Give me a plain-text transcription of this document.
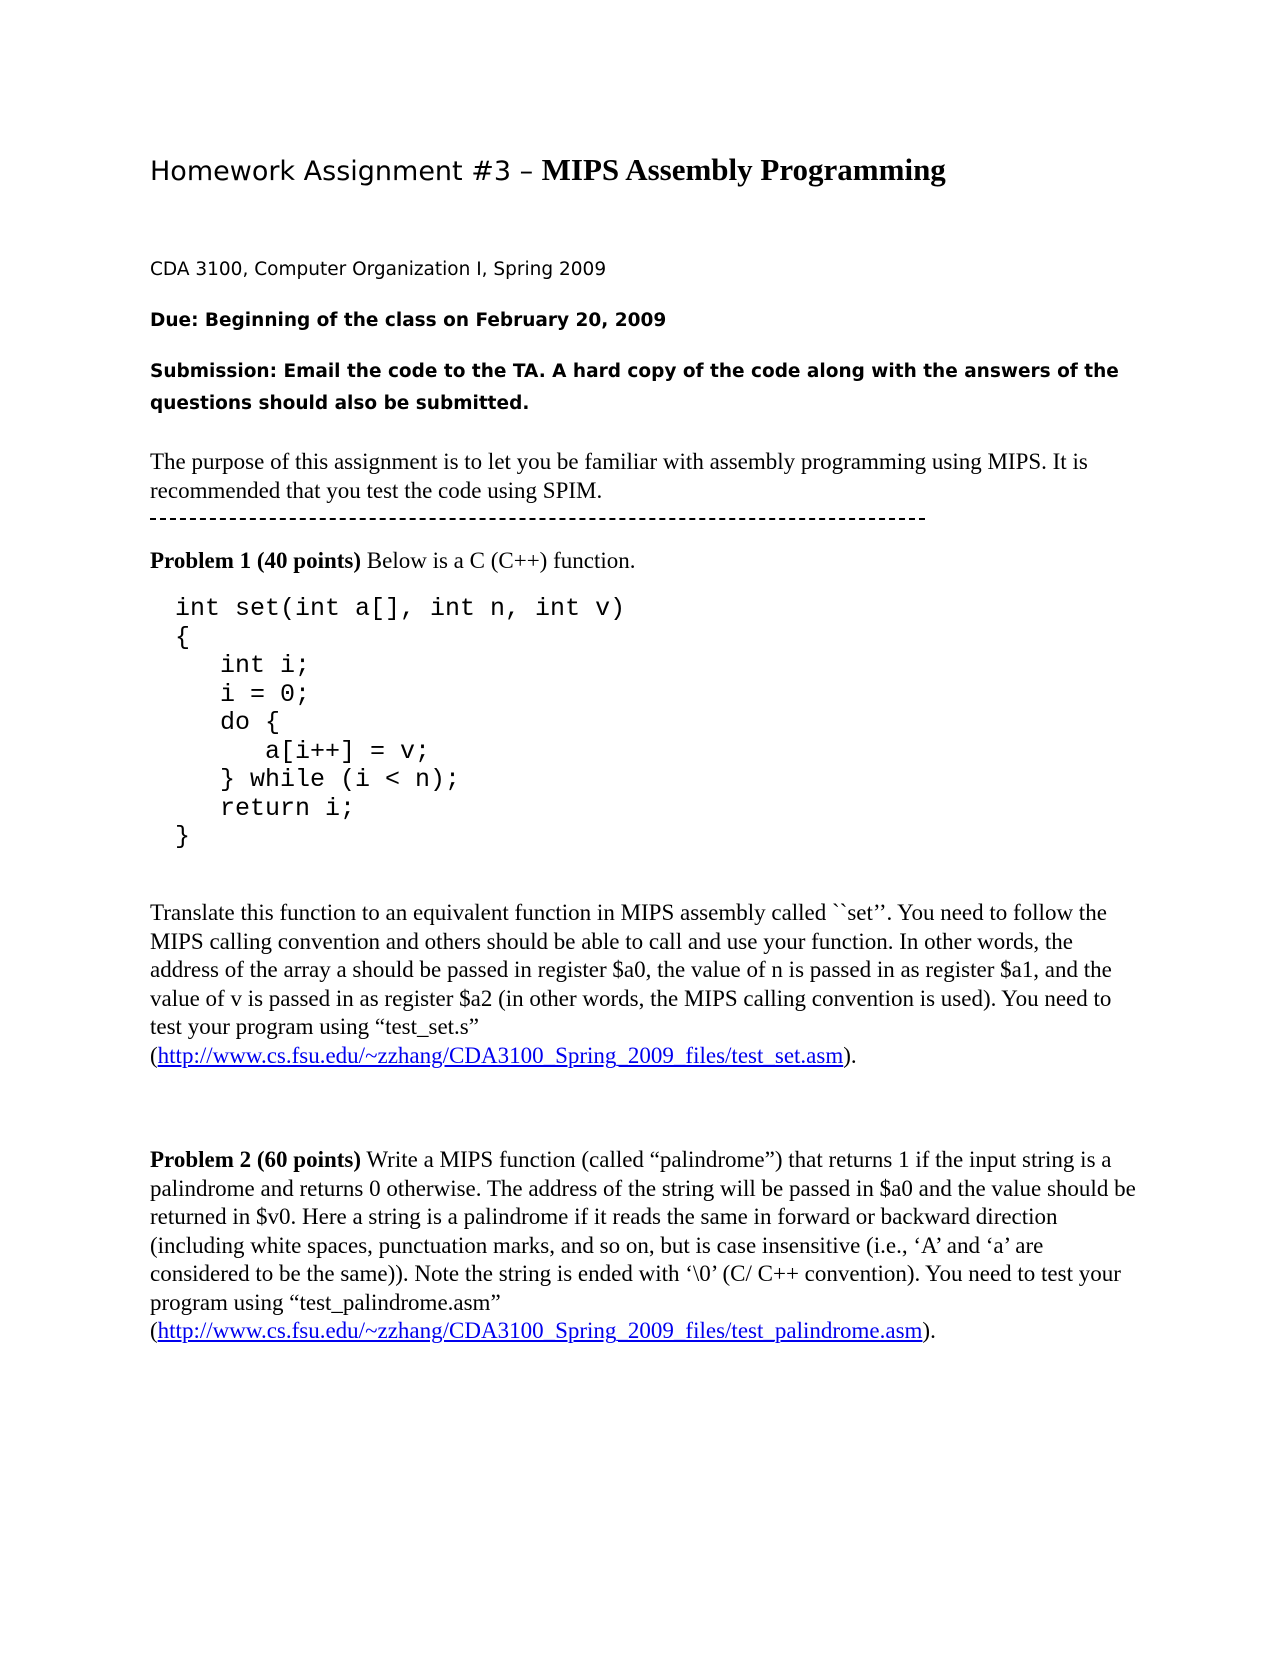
Homework Assignment #3 – MIPS Assembly Programming

CDA 3100, Computer Organization I, Spring 2009

Due: Beginning of the class on February 20, 2009

Submission: Email the code to the TA. A hard copy of the code along with the answers of the

questions should also be submitted.

The purpose of this assignment is to let you be familiar with assembly programming using MIPS. It is recommended that you test the code using SPIM.

Problem 1 (40 points) Below is a C (C++) function.

int set(int a[], int n, int v)
{
int i;
i = 0;
do {
a[i++] = v;
} while (i < n);
return i;
}

Translate this function to an equivalent function in MIPS assembly called ``set’’. You need to follow the MIPS calling convention and others should be able to call and use your function. In other words, the address of the array a should be passed in register $a0, the value of n is passed in as register $a1, and the value of v is passed in as register $a2 (in other words, the MIPS calling convention is used). You need to test your program using “test_set.s”
(http://www.cs.fsu.edu/~zzhang/CDA3100_Spring_2009_files/test_set.asm).

Problem 2 (60 points) Write a MIPS function (called “palindrome”) that returns 1 if the input string is a palindrome and returns 0 otherwise. The address of the string will be passed in $a0 and the value should be returned in $v0. Here a string is a palindrome if it reads the same in forward or backward direction (including white spaces, punctuation marks, and so on, but is case insensitive (i.e., ‘A’ and ‘a’ are considered to be the same)). Note the string is ended with ‘\0’ (C/ C++ convention). You need to test your program using “test_palindrome.asm”
(http://www.cs.fsu.edu/~zzhang/CDA3100_Spring_2009_files/test_palindrome.asm).
